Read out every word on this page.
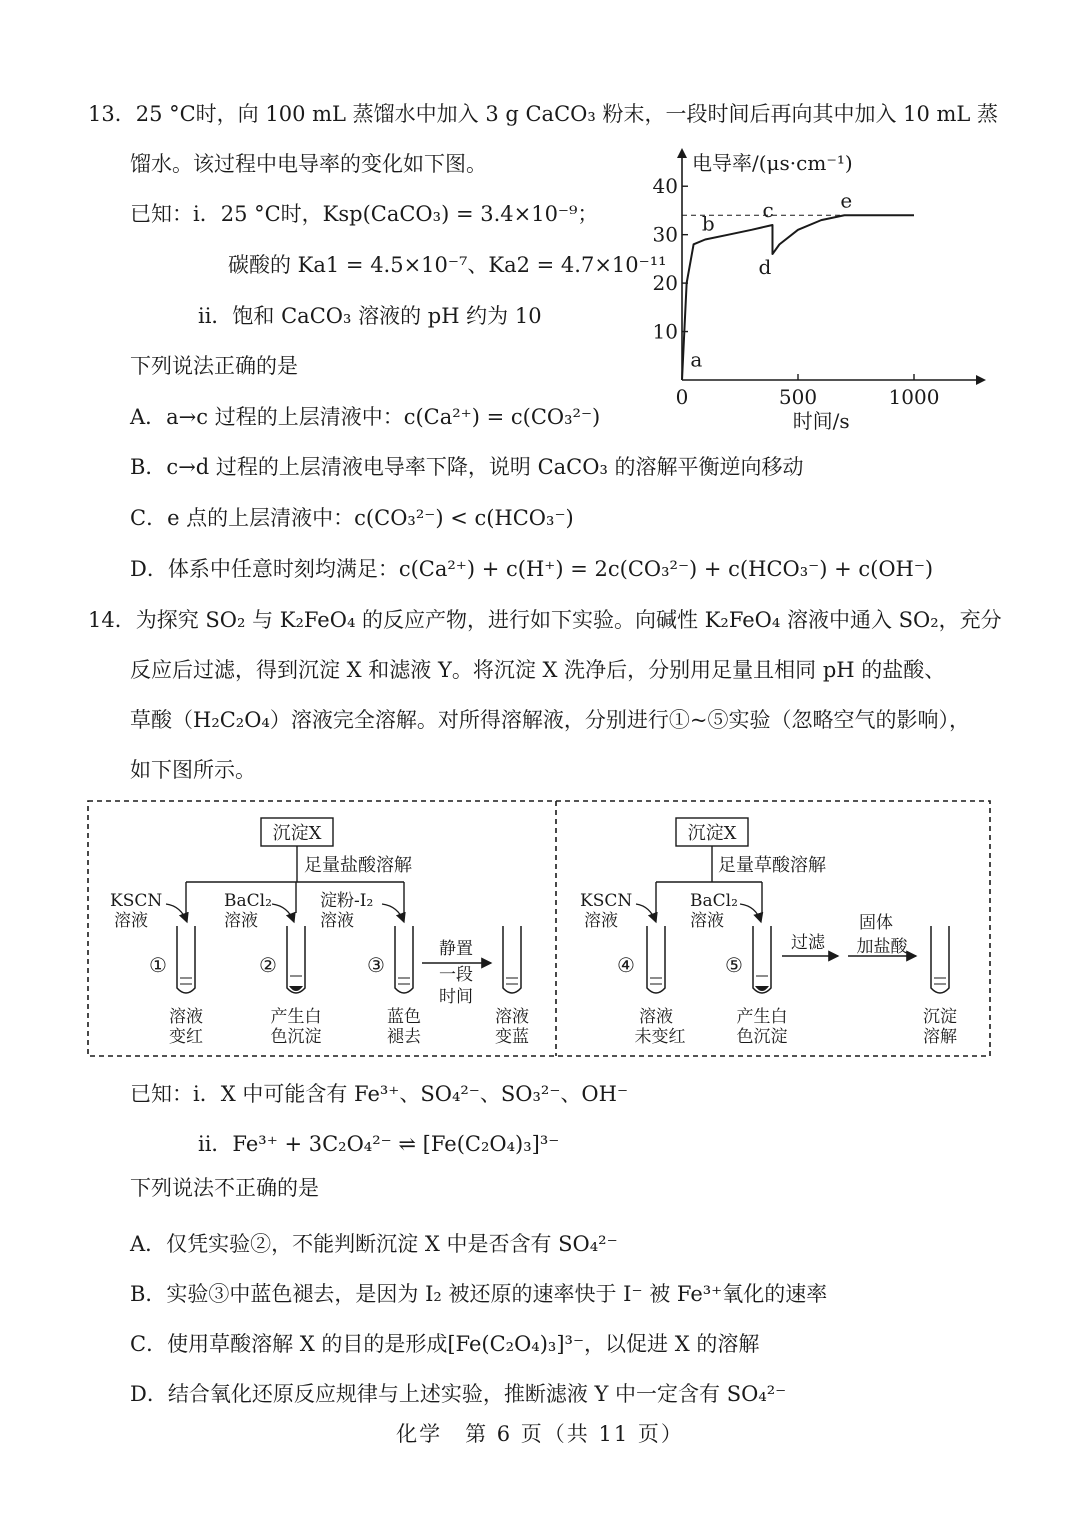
13．25 °C时，向 100 mL 蒸馏水中加入 3 g CaCO₃ 粉末，一段时间后再向其中加入 10 mL 蒸
馏水。该过程中电导率的变化如下图。
已知：i．25 °C时，Ksp(CaCO₃) = 3.4×10⁻⁹；
碳酸的 Ka1 = 4.5×10⁻⁷、Ka2 = 4.7×10⁻¹¹
ii．饱和 CaCO₃ 溶液的 pH 约为 10
下列说法正确的是
A．a→c 过程的上层清液中：c(Ca²⁺) = c(CO₃²⁻)
B．c→d 过程的上层清液电导率下降，说明 CaCO₃ 的溶解平衡逆向移动
C．e 点的上层清液中：c(CO₃²⁻) < c(HCO₃⁻)
D．体系中任意时刻均满足：c(Ca²⁺) + c(H⁺) = 2c(CO₃²⁻) + c(HCO₃⁻) + c(OH⁻)
10
20
30
40
0	500	1000
电导率/(μs·cm⁻¹)
时间/s
a
b
c
d
e
14．为探究 SO₂ 与 K₂FeO₄ 的反应产物，进行如下实验。向碱性 K₂FeO₄ 溶液中通入 SO₂，充分
反应后过滤，得到沉淀 X 和滤液 Y。将沉淀 X 洗净后，分别用足量且相同 pH 的盐酸、
草酸（H₂C₂O₄）溶液完全溶解。对所得溶解液，分别进行①~⑤实验（忽略空气的影响），
如下图所示。
沉淀X
足量盐酸溶解
KSCN
溶液
BaCl₂
溶液
淀粉-I₂
溶液
①	②	③
静置
一段
时间
溶液
变红
产生白
色沉淀
蓝色
褪去
溶液
变蓝
沉淀X
足量草酸溶解
KSCN
溶液
BaCl₂
溶液
④	⑤
过滤
固体
加盐酸
溶液
未变红
产生白
色沉淀
沉淀
溶解
已知：i．X 中可能含有 Fe³⁺、SO₄²⁻、SO₃²⁻、OH⁻
ii．Fe³⁺ + 3C₂O₄²⁻ ⇌ [Fe(C₂O₄)₃]³⁻
下列说法不正确的是
A．仅凭实验②，不能判断沉淀 X 中是否含有 SO₄²⁻
B．实验③中蓝色褪去，是因为 I₂ 被还原的速率快于 I⁻ 被 Fe³⁺氧化的速率
C．使用草酸溶解 X 的目的是形成[Fe(C₂O₄)₃]³⁻，以促进 X 的溶解
D．结合氧化还原反应规律与上述实验，推断滤液 Y 中一定含有 SO₄²⁻
化学　第 6 页（共 11 页）
